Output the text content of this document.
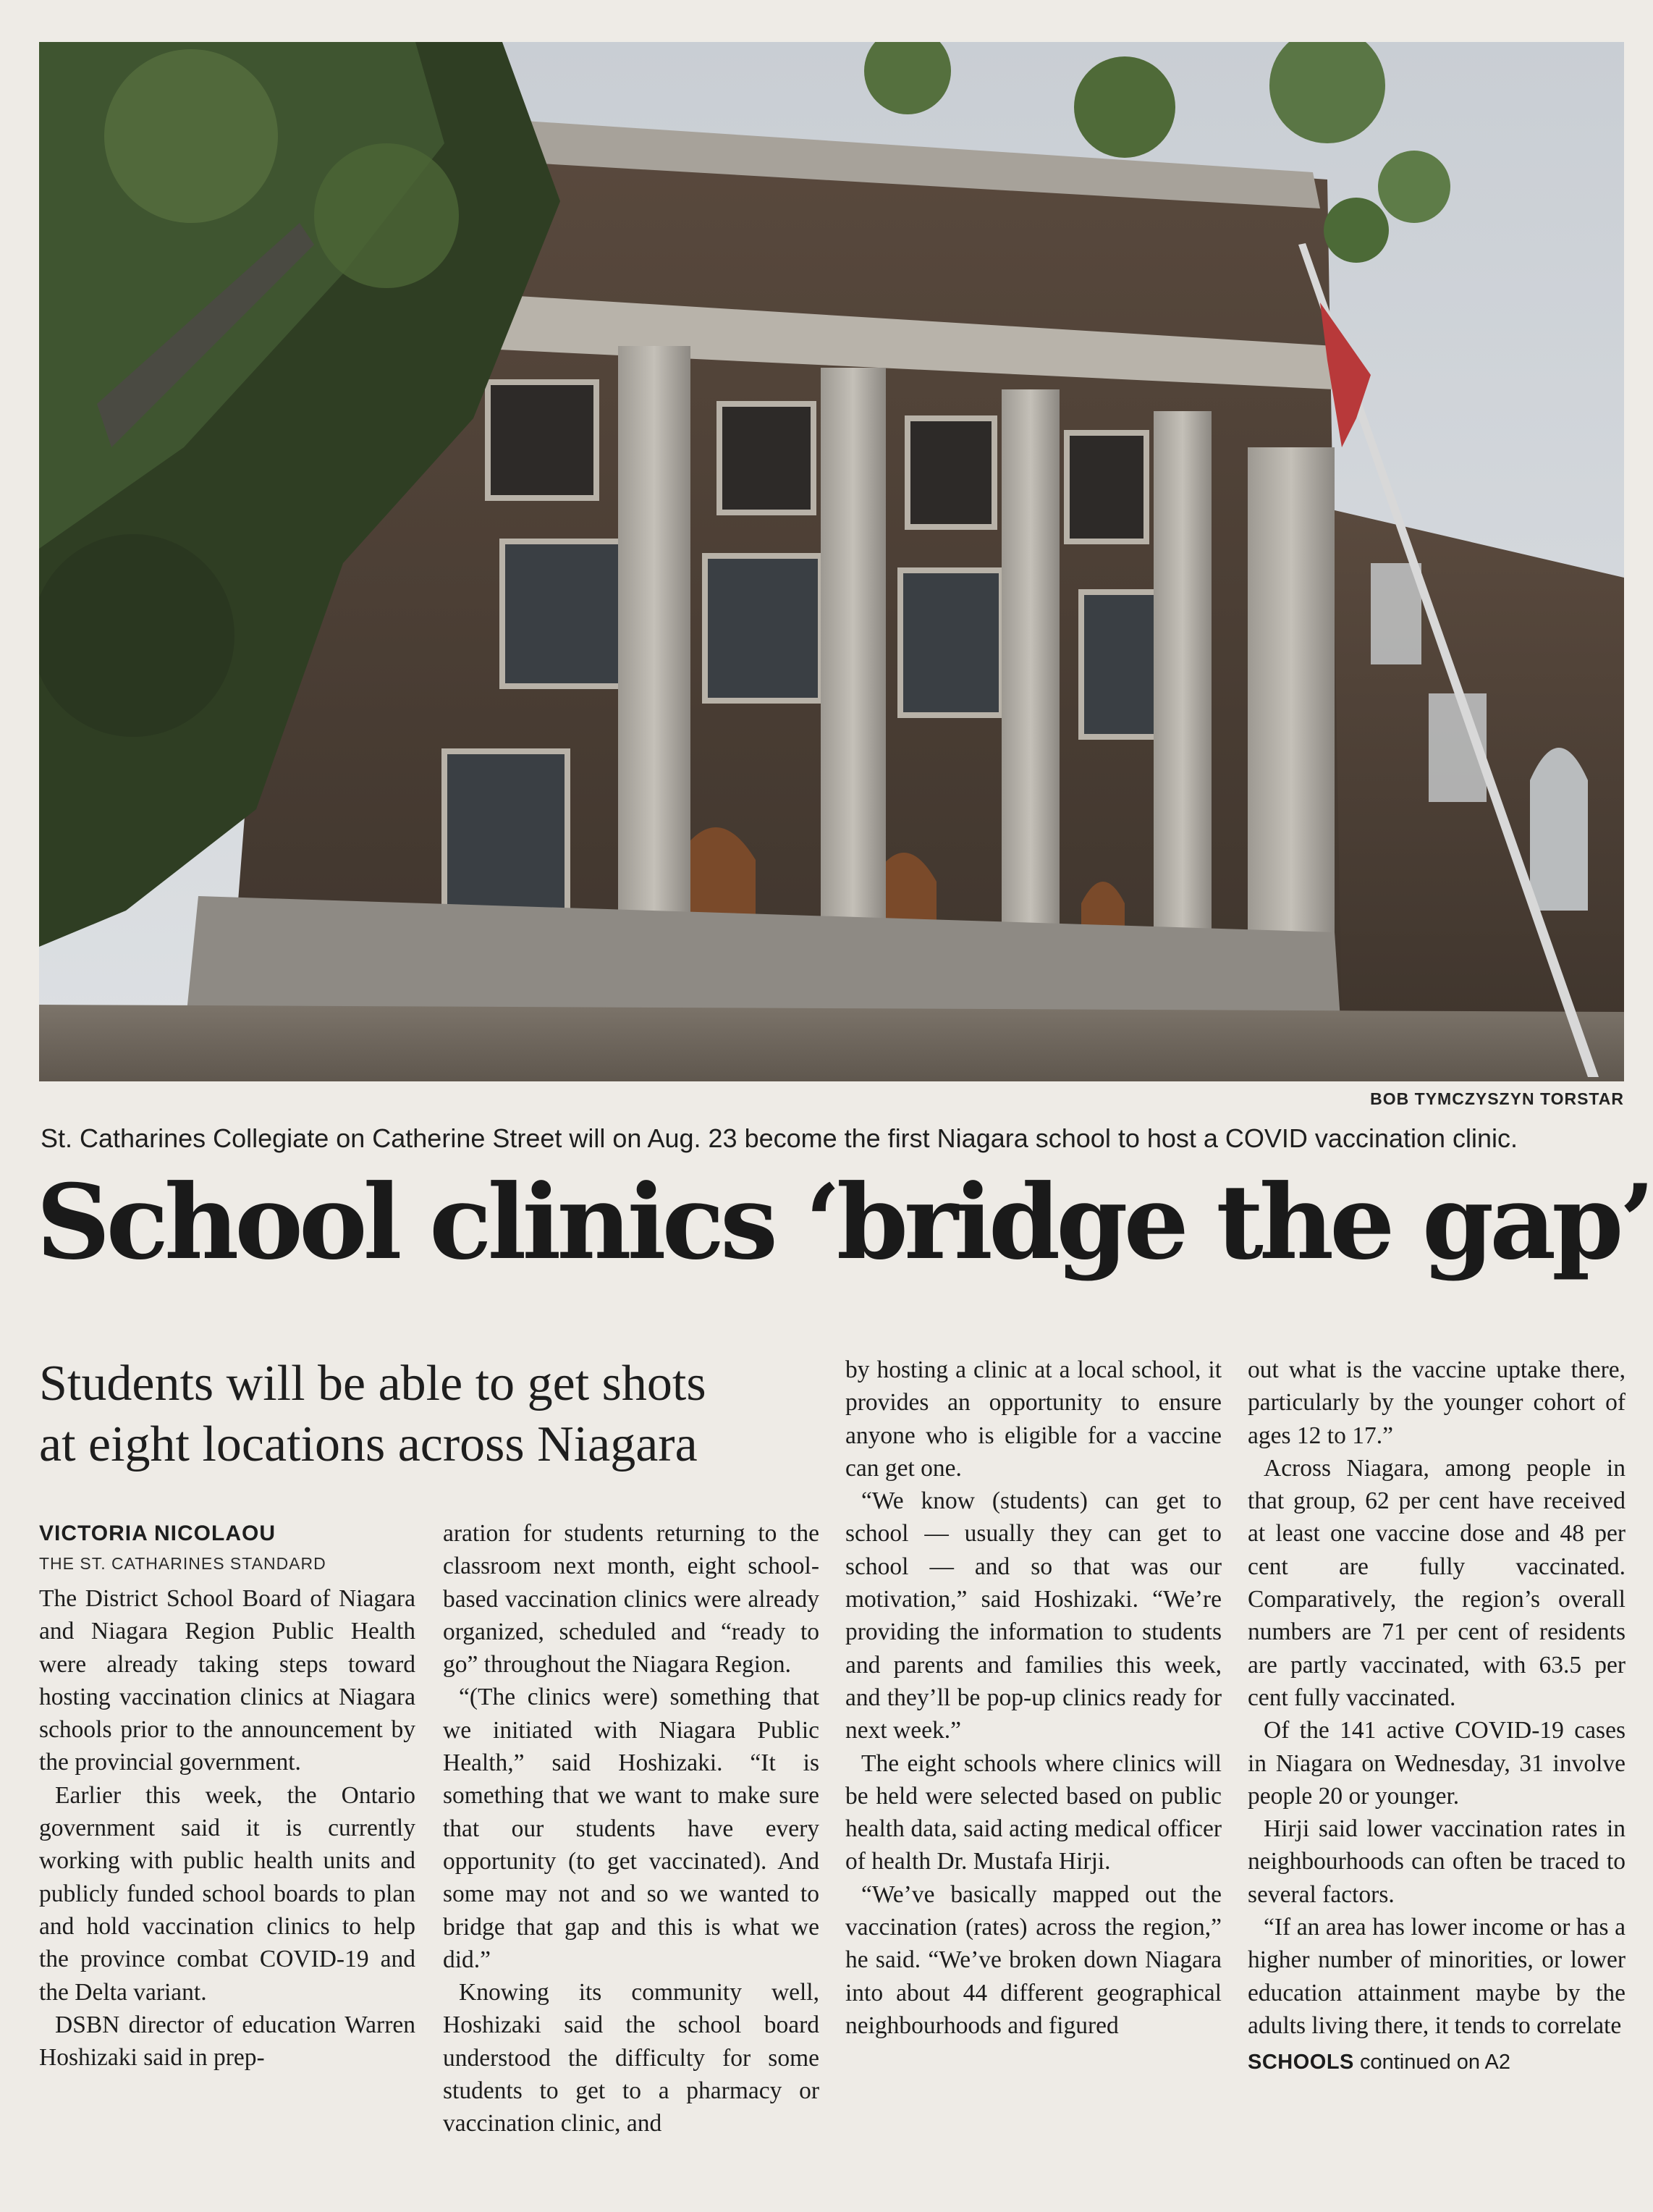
BOB TYMCZYSZYN TORSTAR
St. Catharines Collegiate on Catherine Street will on Aug. 23 become the first Niagara school to host a COVID vaccination clinic.
School clinics ‘bridge the gap’
Students will be able to get shots
at eight locations across Niagara
VICTORIA NICOLAOU
THE ST. CATHARINES STANDARD

The District School Board of Niagara and Niagara Region Public Health were already taking steps toward hosting vaccination clinics at Niagara schools prior to the announcement by the provincial government.

Earlier this week, the Ontario government said it is currently working with public health units and publicly funded school boards to plan and hold vaccination clinics to help the province combat COVID-19 and the Delta variant.

DSBN director of education Warren Hoshizaki said in prep-

aration for students returning to the classroom next month, eight school-based vaccination clinics were already organized, scheduled and “ready to go” throughout the Niagara Region.

“(The clinics were) something that we initiated with Niagara Public Health,” said Hoshizaki. “It is something that we want to make sure that our students have every opportunity (to get vaccinated). And some may not and so we wanted to bridge that gap and this is what we did.”

Knowing its community well, Hoshizaki said the school board understood the difficulty for some students to get to a pharmacy or vaccination clinic, and

by hosting a clinic at a local school, it provides an opportunity to ensure anyone who is eligible for a vaccine can get one.

“We know (students) can get to school — usually they can get to school — and so that was our motivation,” said Hoshizaki. “We’re providing the information to students and parents and families this week, and they’ll be pop-up clinics ready for next week.”

The eight schools where clinics will be held were selected based on public health data, said acting medical officer of health Dr. Mustafa Hirji.

“We’ve basically mapped out the vaccination (rates) across the region,” he said. “We’ve broken down Niagara into about 44 different geographical neighbourhoods and figured

out what is the vaccine uptake there, particularly by the younger cohort of ages 12 to 17.”

Across Niagara, among people in that group, 62 per cent have received at least one vaccine dose and 48 per cent are fully vaccinated. Comparatively, the region’s overall numbers are 71 per cent of residents are partly vaccinated, with 63.5 per cent fully vaccinated.

Of the 141 active COVID-19 cases in Niagara on Wednesday, 31 involve people 20 or younger.

Hirji said lower vaccination rates in neighbourhoods can often be traced to several factors.

“If an area has lower income or has a higher number of minorities, or lower education attainment maybe by the adults living there, it tends to correlate

SCHOOLS continued on A2
